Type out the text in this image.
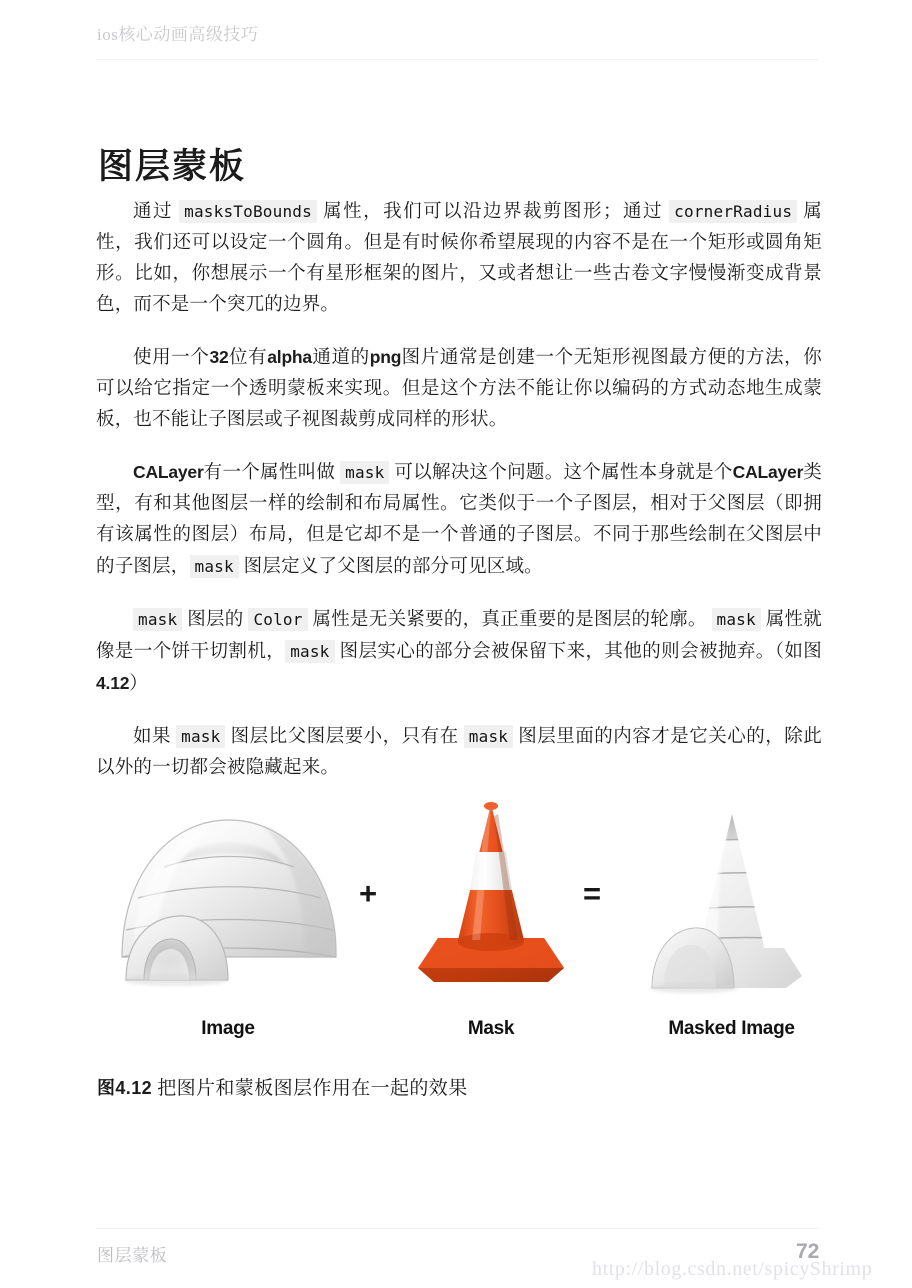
ios核心动画高级技巧
图层蒙板

通过 masksToBounds 属性，我们可以沿边界裁剪图形；通过 cornerRadius 属性，我们还可以设定一个圆角。但是有时候你希望展现的内容不是在一个矩形或圆角矩形。比如，你想展示一个有星形框架的图片，又或者想让一些古卷文字慢慢渐变成背景色，而不是一个突兀的边界。

使用一个32位有alpha通道的png图片通常是创建一个无矩形视图最方便的方法，你可以给它指定一个透明蒙板来实现。但是这个方法不能让你以编码的方式动态地生成蒙板，也不能让子图层或子视图裁剪成同样的形状。

CALayer有一个属性叫做 mask 可以解决这个问题。这个属性本身就是个CALayer类型，有和其他图层一样的绘制和布局属性。它类似于一个子图层，相对于父图层（即拥有该属性的图层）布局，但是它却不是一个普通的子图层。不同于那些绘制在父图层中的子图层， mask 图层定义了父图层的部分可见区域。

mask 图层的 Color 属性是无关紧要的，真正重要的是图层的轮廓。 mask 属性就像是一个饼干切割机， mask 图层实心的部分会被保留下来，其他的则会被抛弃。（如图4.12）

如果 mask 图层比父图层要小，只有在 mask 图层里面的内容才是它关心的，除此以外的一切都会被隐藏起来。

+	=
Image	Mask	Masked Image
图4.12 把图片和蒙板图层作用在一起的效果
图层蒙板	72
http://blog.csdn.net/spicyShrimp
